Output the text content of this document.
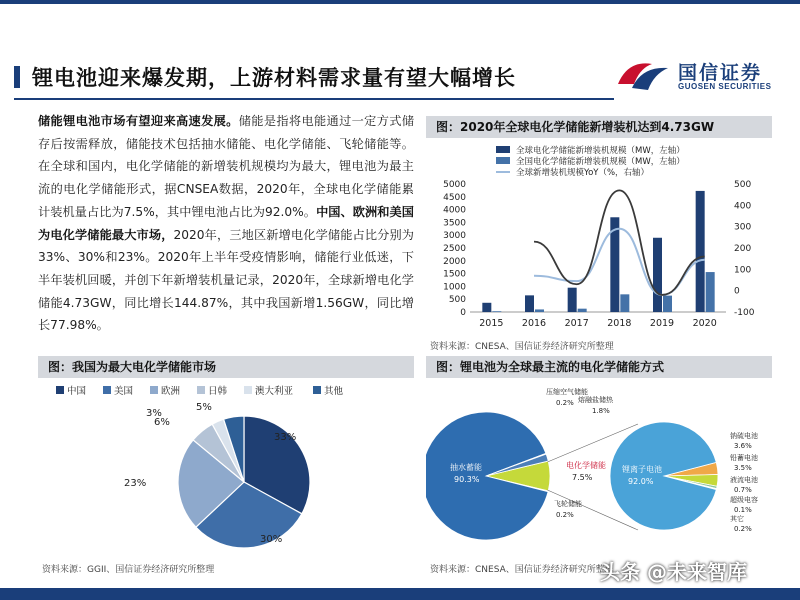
锂电池迎来爆发期，上游材料需求量有望大幅增长	国信证券
GUOSEN SECURITIES
储能锂电池市场有望迎来高速发展。储能是指将电能通过一定方式储存后按需释放，储能技术包括抽水储能、电化学储能、飞轮储能等。在全球和国内，电化学储能的新增装机规模均为最大，锂电池为最主流的电化学储能形式，据CNSEA数据，2020年，全球电化学储能累计装机量占比为7.5%，其中锂电池占比为92.0%。中国、欧洲和美国为电化学储能最大市场，2020年，三地区新增电化学储能占比分别为33%、30%和23%。2020年上半年受疫情影响，储能行业低迷，下半年装机回暖，并创下年新增装机量记录，2020年，全球新增电化学储能4.73GW，同比增长144.87%，其中我国新增1.56GW，同比增长77.98%。
图：2020年全球电化学储能新增装机达到4.73GW
全球电化学储能新增装机规模（MW，左轴）
全国电化学储能新增装机规模（MW，左轴）
全球新增装机规模YoY（%，右轴）
0
500
1000
1500
2000
2500
3000
3500
4000
4500
5000
-100
0
100
200
300
400
500
2015 2016 2017 2018 2019 2020
资料来源：CNESA、国信证券经济研究所整理
图：我国为最大电化学储能市场
中国	美国	欧洲	日韩	澳大利亚	其他
33%
30%
23%
6%
3%
5%
资料来源：GGII、国信证券经济研究所整理
图：锂电池为全球最主流的电化学储能方式
抽水蓄能
90.3%
电化学储能
7.5%
压缩空气储能
0.2% 熔融盐储热
1.8%
飞轮储能
0.2%
锂离子电池
92.0%
钠硫电池
3.6%
铅蓄电池
3.5%
液流电池
0.7%
超级电容
0.1%
其它
0.2%
资料来源：CNESA、国信证券经济研究所整理
头条 @未来智库
